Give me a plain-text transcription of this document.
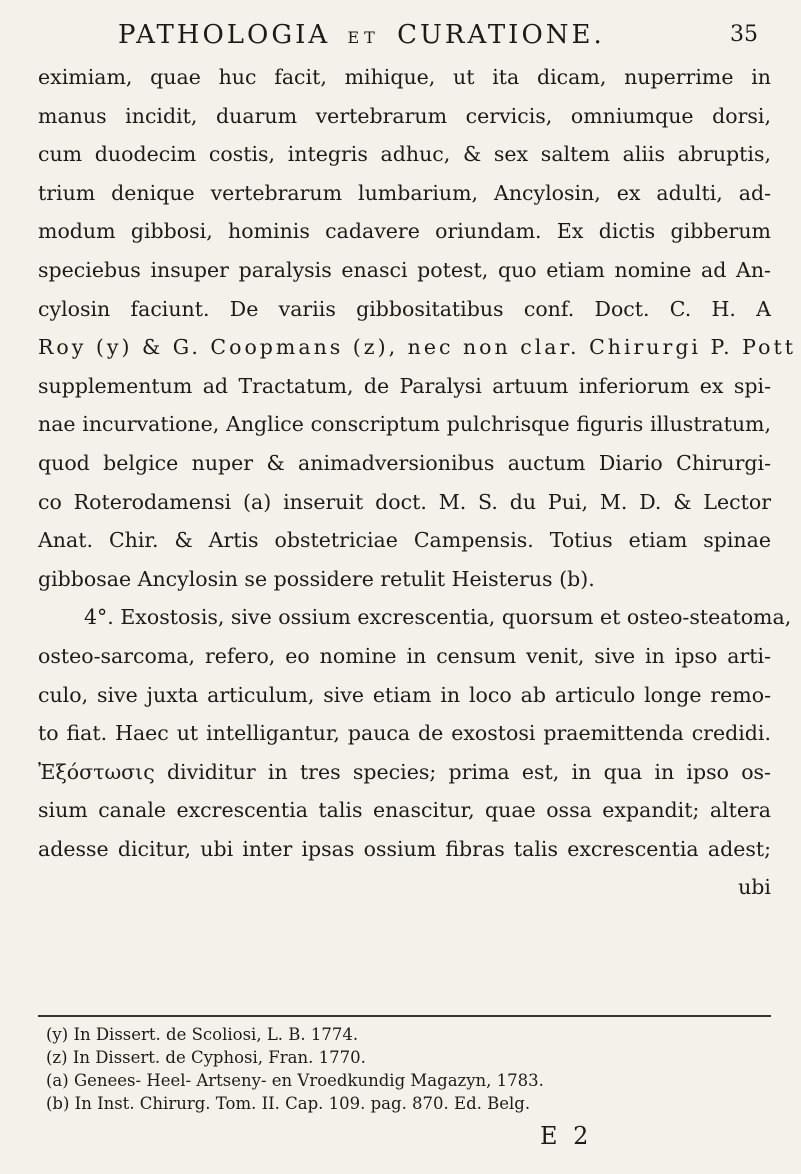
PATHOLOGIA ET CURATIONE.	35
eximiam, quae huc facit, mihique, ut ita dicam, nuperrime in
manus incidit, duarum vertebrarum cervicis, omniumque dorsi,
cum duodecim costis, integris adhuc, & sex saltem aliis abruptis,
trium denique vertebrarum lumbarium, Ancylosin, ex adulti, ad-
modum gibbosi, hominis cadavere oriundam. Ex dictis gibberum
speciebus insuper paralysis enasci potest, quo etiam nomine ad An-
cylosin faciunt. De variis gibbositatibus conf. Doct. C. H. A
Roy (y) & G. Coopmans (z), nec non clar. Chirurgi P. Pott
supplementum ad Tractatum, de Paralysi artuum inferiorum ex spi-
nae incurvatione, Anglice conscriptum pulchrisque figuris illustratum,
quod belgice nuper & animadversionibus auctum Diario Chirurgi-
co Roterodamensi (a) inseruit doct. M. S. du Pui, M. D. & Lector
Anat. Chir. & Artis obstetriciae Campensis. Totius etiam spinae
gibbosae Ancylosin se possidere retulit Heisterus (b).
4°. Exostosis, sive ossium excrescentia, quorsum et osteo-steatoma,
osteo-sarcoma, refero, eo nomine in censum venit, sive in ipso arti-
culo, sive juxta articulum, sive etiam in loco ab articulo longe remo-
to fiat. Haec ut intelligantur, pauca de exostosi praemittenda credidi.
Ἐξόστωσις dividitur in tres species; prima est, in qua in ipso os-
sium canale excrescentia talis enascitur, quae ossa expandit; altera
adesse dicitur, ubi inter ipsas ossium fibras talis excrescentia adest;
ubi
(y) In Dissert. de Scoliosi, L. B. 1774.
(z) In Dissert. de Cyphosi, Fran. 1770.
(a) Genees- Heel- Artseny- en Vroedkundig Magazyn, 1783.
(b) In Inst. Chirurg. Tom. II. Cap. 109. pag. 870. Ed. Belg.
E 2
